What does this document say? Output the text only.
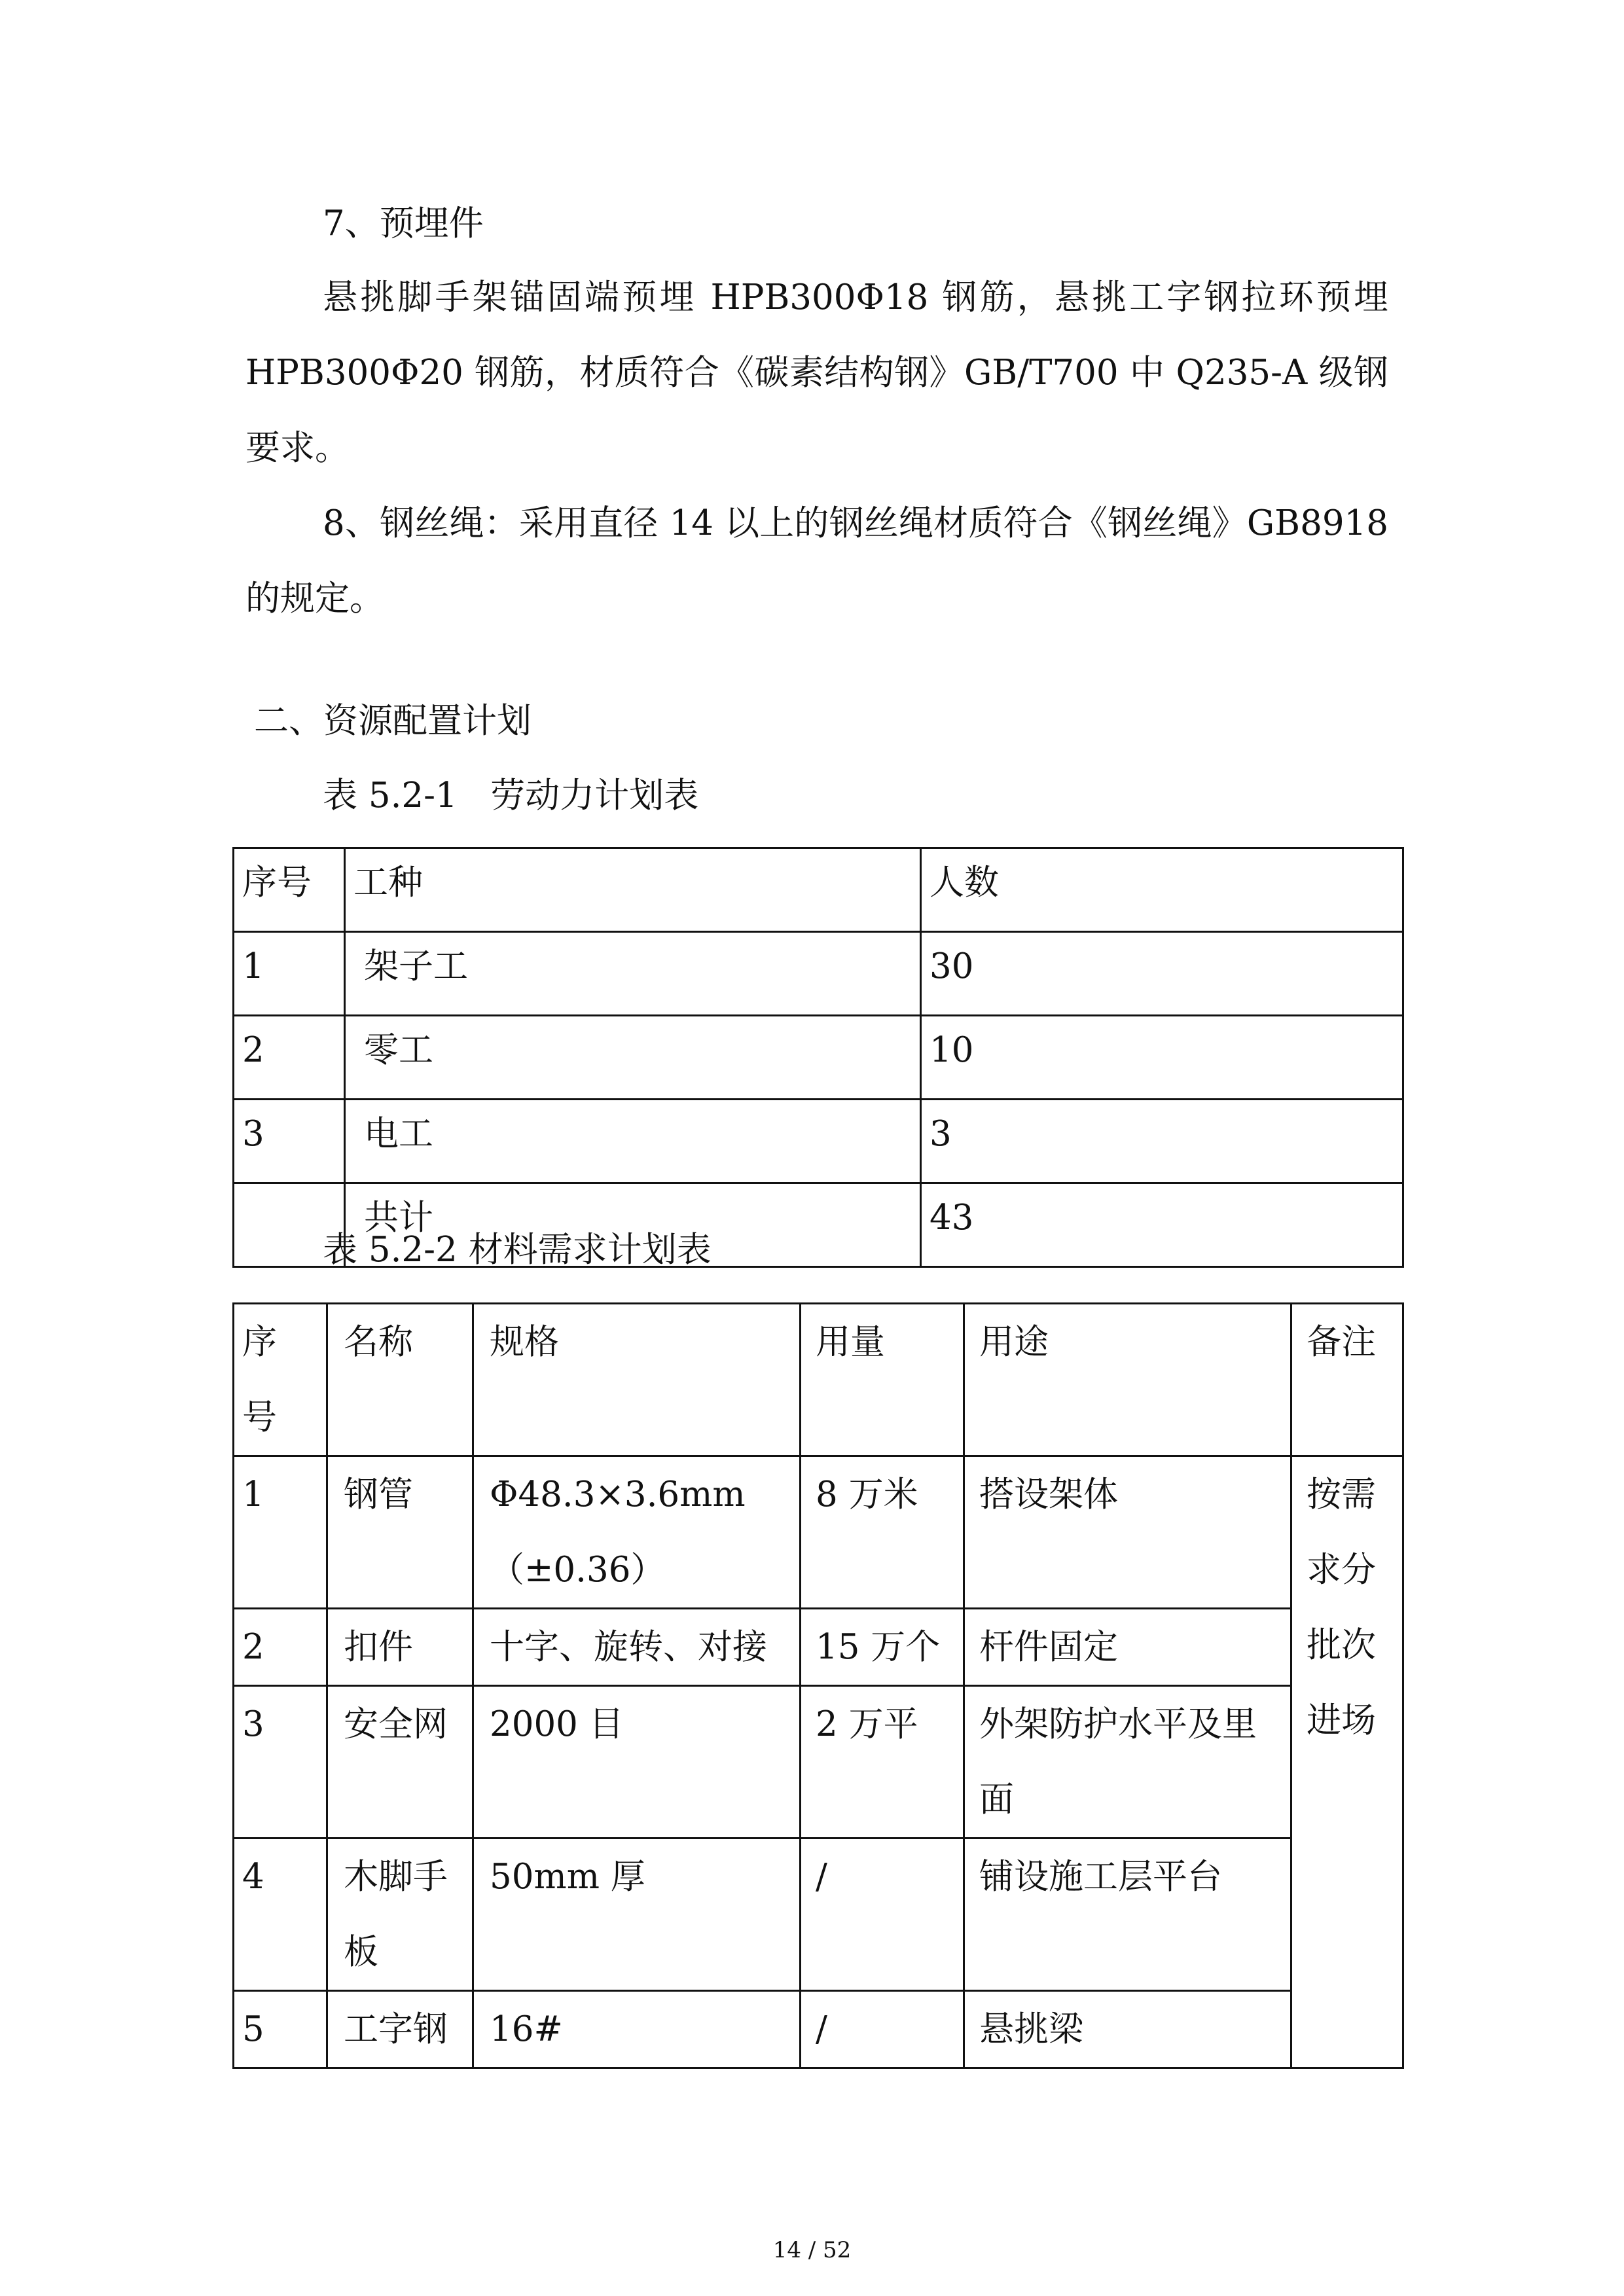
7、预埋件

悬挑脚手架锚固端预埋 HPB300Φ18 钢筋，悬挑工字钢拉环预埋

HPB300Φ20 钢筋，材质符合《碳素结构钢》GB/T700 中 Q235-A 级钢

要求。

8、钢丝绳：采用直径 14 以上的钢丝绳材质符合《钢丝绳》GB8918

的规定。

二、资源配置计划

表 5.2-1   劳动力计划表

序号	工种	人数
1	架子工	30
2	零工	10
3	电工	3
	共计	43

表 5.2-2 材料需求计划表

序号	名称	规格	用量	用途	备注
1	钢管	Φ48.3×3.6mm（±0.36）	8 万米	搭设架体	按需求分批次进场
2	扣件	十字、旋转、对接	15 万个	杆件固定	
3	安全网	2000 目	2 万平	外架防护水平及里面	
4	木脚手板	50mm 厚	/	铺设施工层平台	
5	工字钢	16#	/	悬挑梁	
14 / 52
